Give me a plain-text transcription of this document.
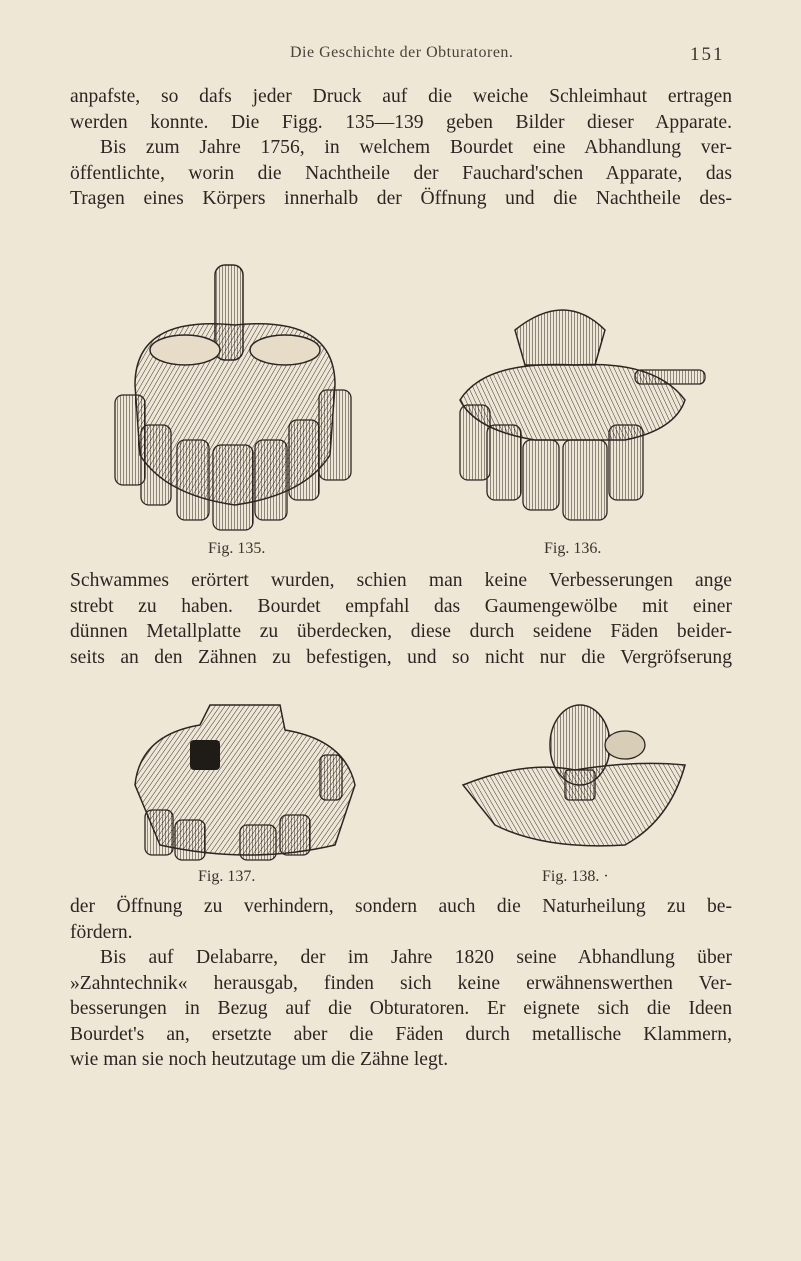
Die Geschichte der Obturatoren.	151

anpafste, so dafs jeder Druck auf die weiche Schleimhaut ertragen
werden konnte. Die Figg. 135—139 geben Bilder dieser Apparate.
Bis zum Jahre 1756, in welchem Bourdet eine Abhandlung ver-
öffentlichte, worin die Nachtheile der Fauchard'schen Apparate, das
Tragen eines Körpers innerhalb der Öffnung und die Nachtheile des-

Fig. 135.	Fig. 136.

Schwammes erörtert wurden, schien man keine Verbesserungen ange
strebt zu haben. Bourdet empfahl das Gaumengewölbe mit einer
dünnen Metallplatte zu überdecken, diese durch seidene Fäden beider-
seits an den Zähnen zu befestigen, und so nicht nur die Vergröfserung

Fig. 137.	Fig. 138. ·

der Öffnung zu verhindern, sondern auch die Naturheilung zu be-
fördern.
Bis auf Delabarre, der im Jahre 1820 seine Abhandlung über
»Zahntechnik« herausgab, finden sich keine erwähnenswerthen Ver-
besserungen in Bezug auf die Obturatoren. Er eignete sich die Ideen
Bourdet's an, ersetzte aber die Fäden durch metallische Klammern,
wie man sie noch heutzutage um die Zähne legt.
